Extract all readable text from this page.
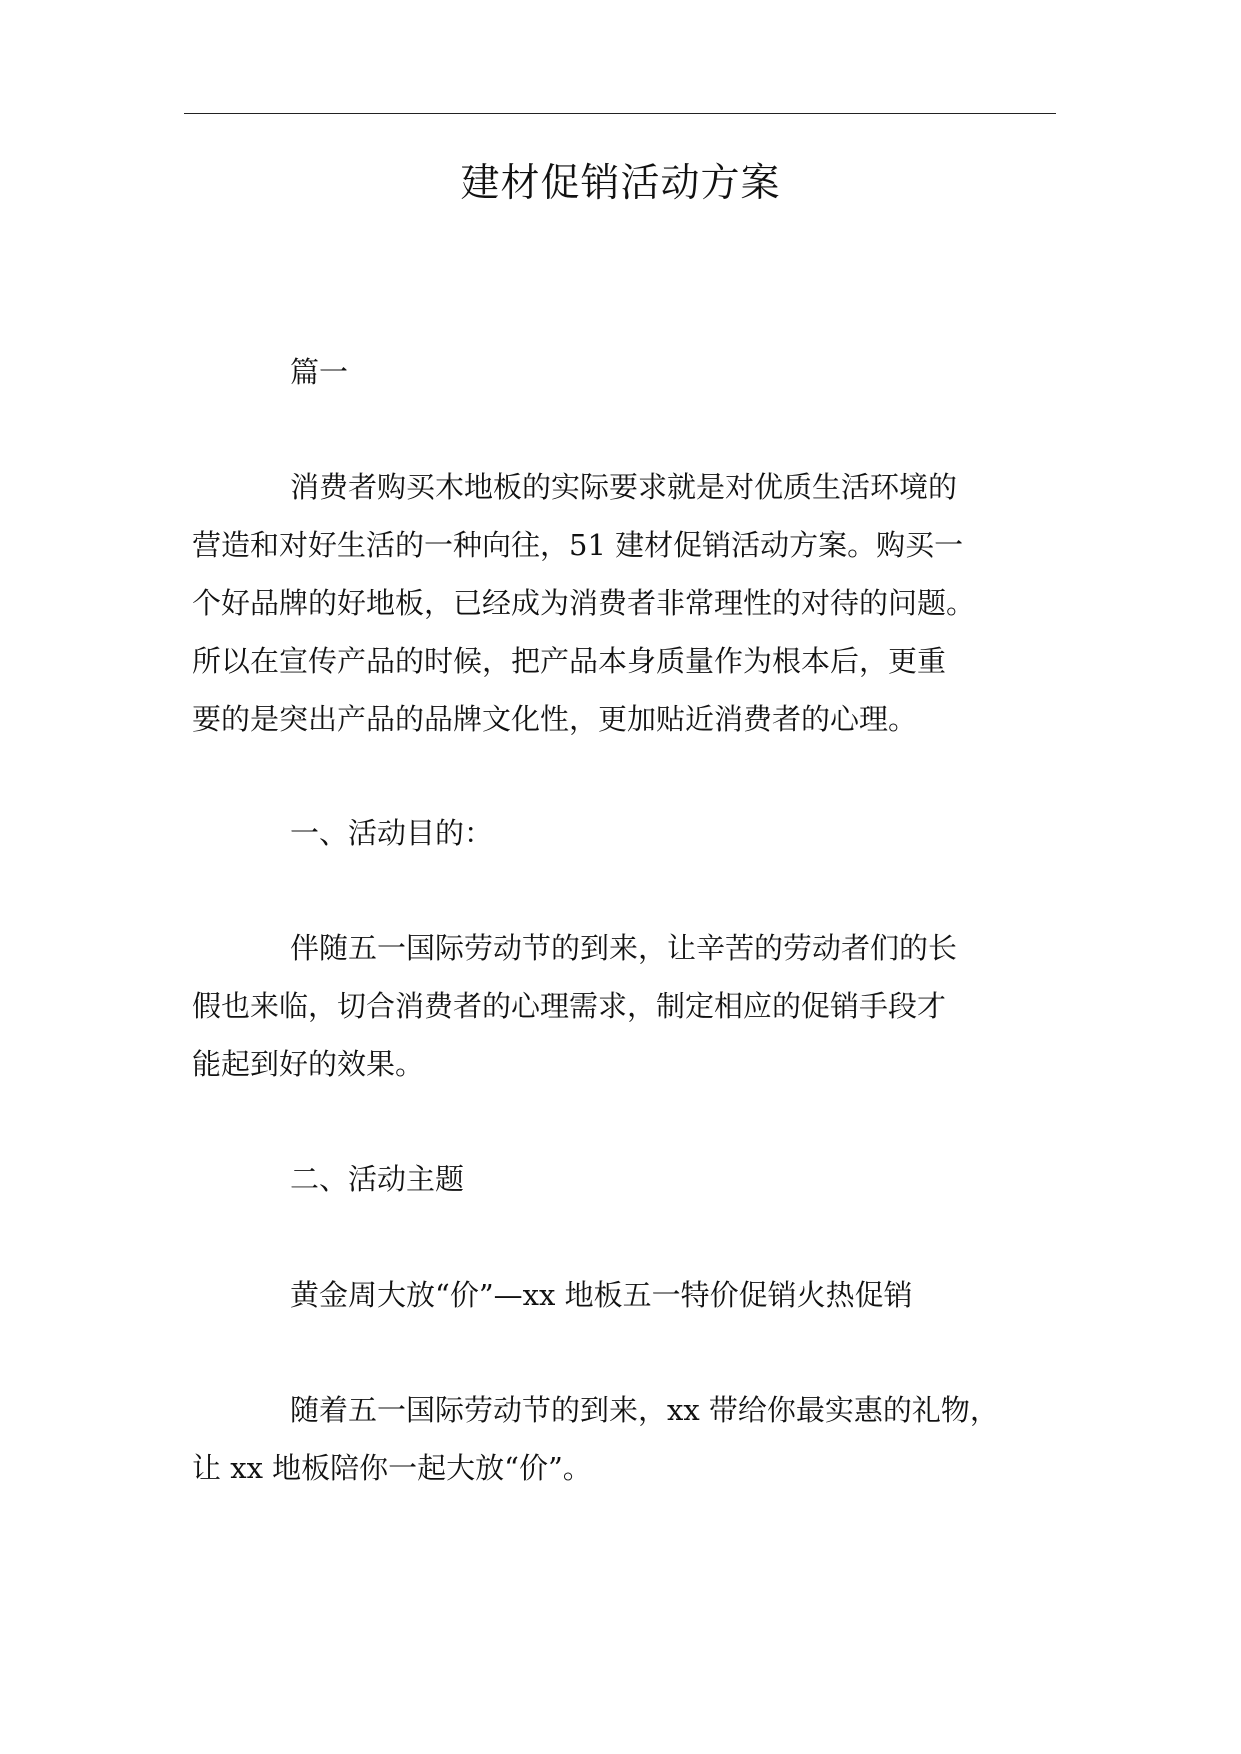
建材促销活动方案

篇一

消费者购买木地板的实际要求就是对优质生活环境的
营造和对好生活的一种向往，51 建材促销活动方案。购买一
个好品牌的好地板，已经成为消费者非常理性的对待的问题。
所以在宣传产品的时候，把产品本身质量作为根本后，更重
要的是突出产品的品牌文化性，更加贴近消费者的心理。

一、活动目的：

伴随五一国际劳动节的到来，让辛苦的劳动者们的长
假也来临，切合消费者的心理需求，制定相应的促销手段才
能起到好的效果。

二、活动主题

黄金周大放“价”—xx 地板五一特价促销火热促销

随着五一国际劳动节的到来，xx 带给你最实惠的礼物，
让 xx 地板陪你一起大放“价”。
